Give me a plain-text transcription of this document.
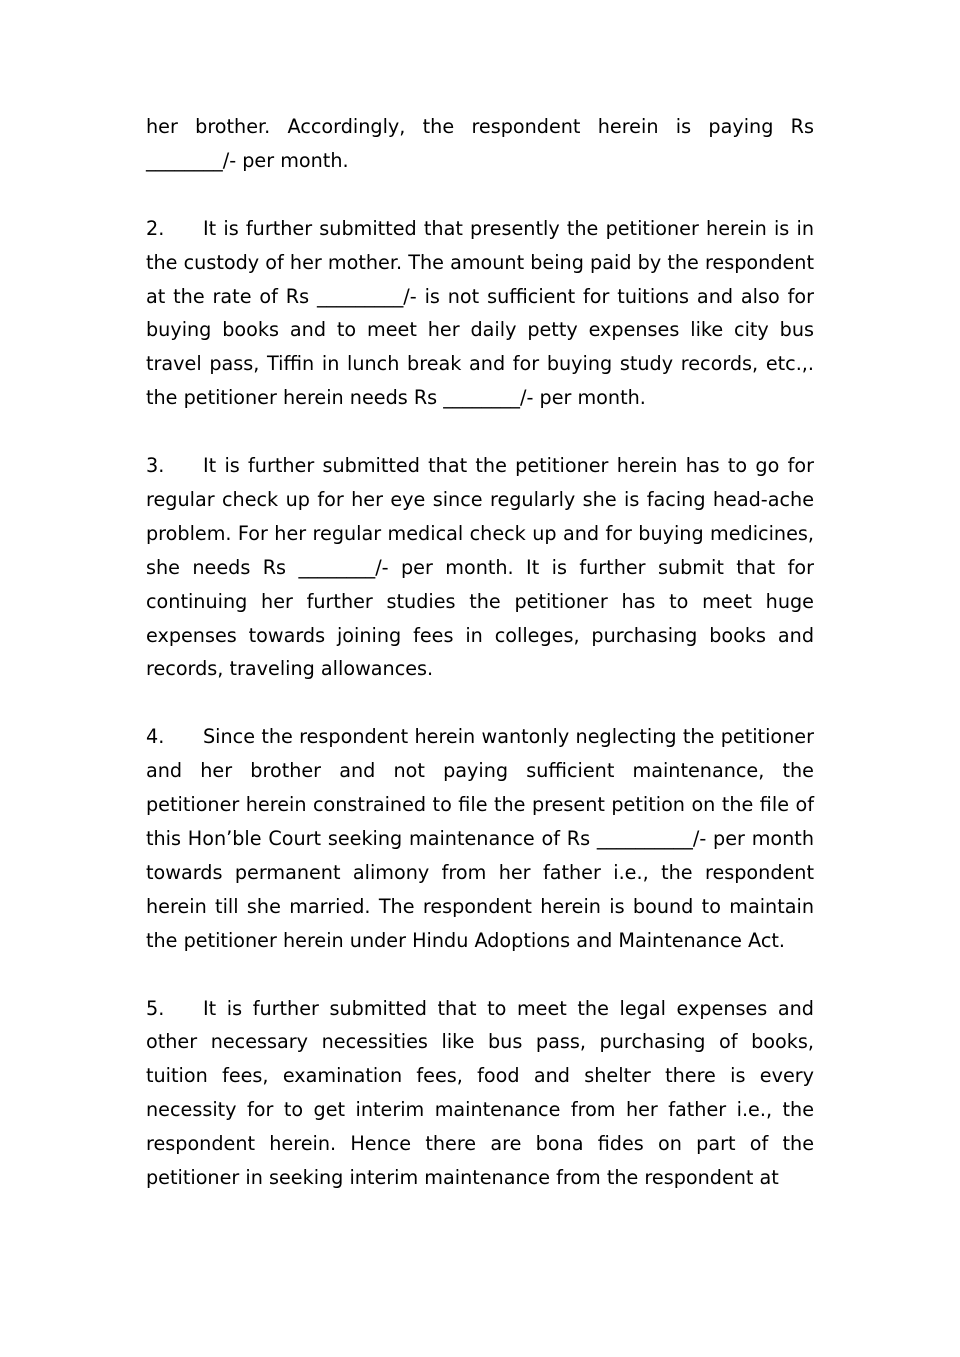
her brother. Accordingly, the respondent herein is paying Rs ________/- per month.

2. It is further submitted that presently the petitioner herein is in the custody of her mother. The amount being paid by the respondent at the rate of Rs _________/- is not sufficient for tuitions and also for buying books and to meet her daily petty expenses like city bus travel pass, Tiffin in lunch break and for buying study records, etc.,. the petitioner herein needs Rs ________/- per month.

3. It is further submitted that the petitioner herein has to go for regular check up for her eye since regularly she is facing head-ache problem. For her regular medical check up and for buying medicines, she needs Rs ________/- per month. It is further submit that for continuing her further studies the petitioner has to meet huge expenses towards joining fees in colleges, purchasing books and records, traveling allowances.

4. Since the respondent herein wantonly neglecting the petitioner and her brother and not paying sufficient maintenance, the petitioner herein constrained to file the present petition on the file of this Hon’ble Court seeking maintenance of Rs __________/- per month towards permanent alimony from her father i.e., the respondent herein till she married. The respondent herein is bound to maintain the petitioner herein under Hindu Adoptions and Maintenance Act.

5. It is further submitted that to meet the legal expenses and other necessary necessities like bus pass, purchasing of books, tuition fees, examination fees, food and shelter there is every necessity for to get interim maintenance from her father i.e., the respondent herein. Hence there are bona fides on part of the petitioner in seeking interim maintenance from the respondent at
